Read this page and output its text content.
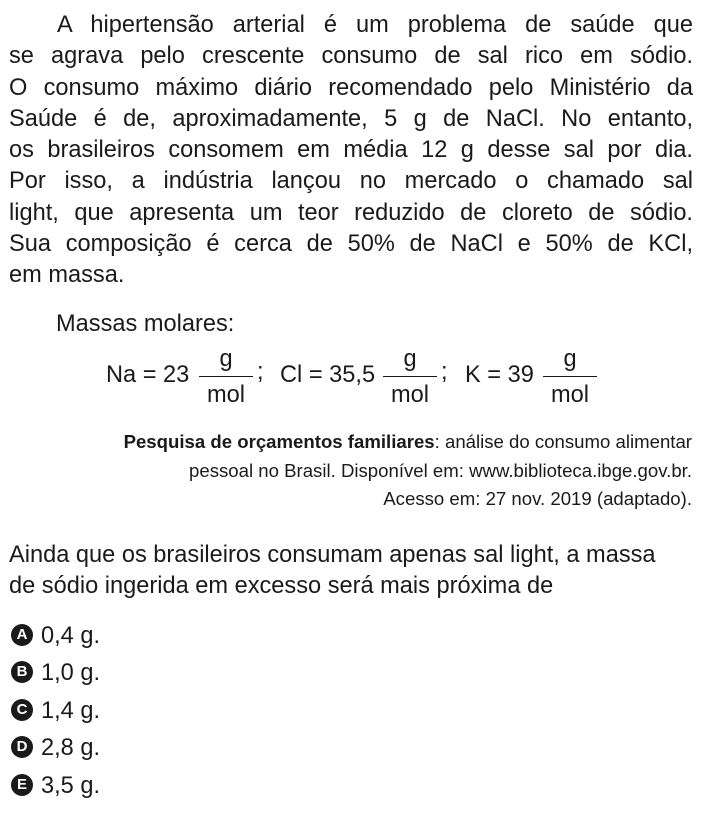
A hipertensão arterial é um problema de saúde que
se agrava pelo crescente consumo de sal rico em sódio.
O consumo máximo diário recomendado pelo Ministério da
Saúde é de, aproximadamente, 5 g de NaCl. No entanto,
os brasileiros consomem em média 12 g desse sal por dia.
Por isso, a indústria lançou no mercado o chamado sal
light, que apresenta um teor reduzido de cloreto de sódio.
Sua composição é cerca de 50% de NaCl e 50% de KCl,
em massa.
Massas molares:
Na = 23
g
mol
; Cl = 35,5
g
mol
; K = 39
g
mol
Pesquisa de orçamentos familiares: análise do consumo alimentar
pessoal no Brasil. Disponível em: www.biblioteca.ibge.gov.br.
Acesso em: 27 nov. 2019 (adaptado).
Ainda que os brasileiros consumam apenas sal light, a massa
de sódio ingerida em excesso será mais próxima de
A 0,4 g.
B 1,0 g.
C 1,4 g.
D 2,8 g.
E 3,5 g.
